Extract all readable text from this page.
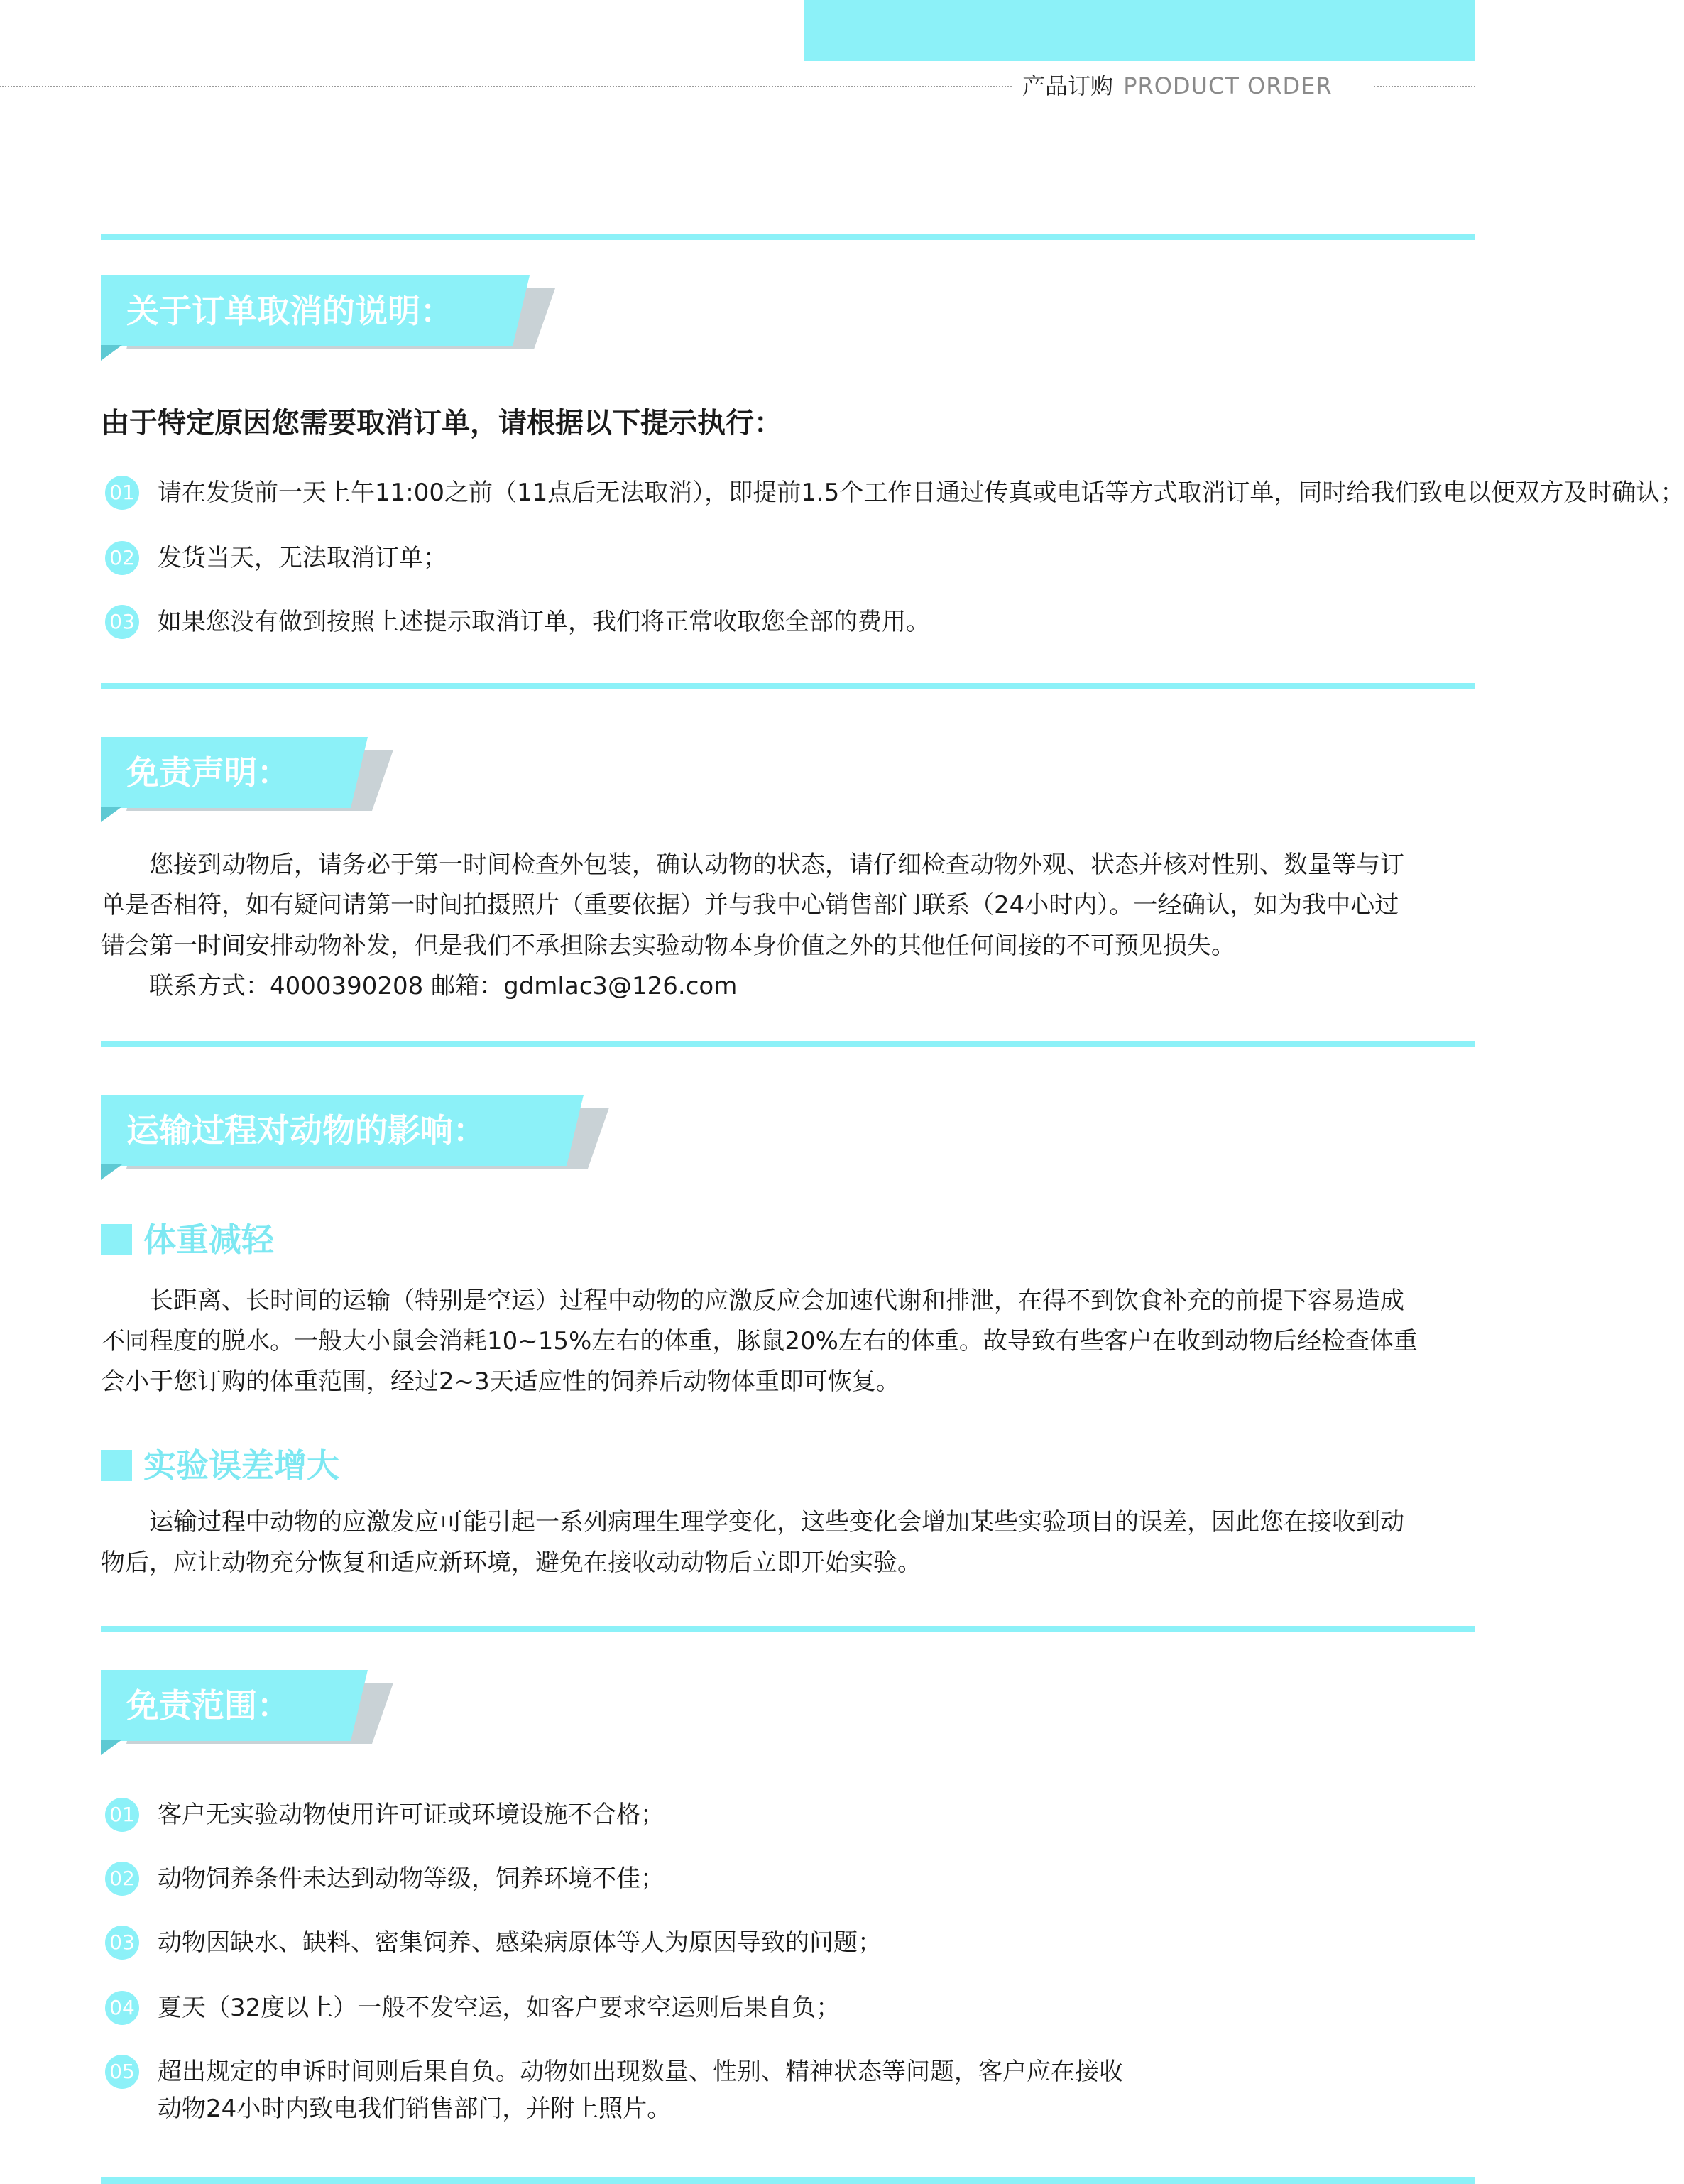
产品订购 PRODUCT ORDER
关于订单取消的说明：
由于特定原因您需要取消订单，请根据以下提示执行：
01 请在发货前一天上午11:00之前（11点后无法取消），即提前1.5个工作日通过传真或电话等方式取消订单，同时给我们致电以便双方及时确认；
02 发货当天，无法取消订单；
03 如果您没有做到按照上述提示取消订单，我们将正常收取您全部的费用。
免责声明：

您接到动物后，请务必于第一时间检查外包装，确认动物的状态，请仔细检查动物外观、状态并核对性别、数量等与订

单是否相符，如有疑问请第一时间拍摄照片（重要依据）并与我中心销售部门联系（24小时内）。一经确认，如为我中心过

错会第一时间安排动物补发，但是我们不承担除去实验动物本身价值之外的其他任何间接的不可预见损失。

联系方式：4000390208 邮箱：gdmlac3@126.com

运输过程对动物的影响：
体重减轻

长距离、长时间的运输（特别是空运）过程中动物的应激反应会加速代谢和排泄，在得不到饮食补充的前提下容易造成

不同程度的脱水。一般大小鼠会消耗10~15%左右的体重，豚鼠20%左右的体重。故导致有些客户在收到动物后经检查体重

会小于您订购的体重范围，经过2~3天适应性的饲养后动物体重即可恢复。

实验误差增大

运输过程中动物的应激发应可能引起一系列病理生理学变化，这些变化会增加某些实验项目的误差，因此您在接收到动

物后，应让动物充分恢复和适应新环境，避免在接收动动物后立即开始实验。

免责范围：
01 客户无实验动物使用许可证或环境设施不合格；
02 动物饲养条件未达到动物等级，饲养环境不佳；
03 动物因缺水、缺料、密集饲养、感染病原体等人为原因导致的问题；
04 夏天（32度以上）一般不发空运，如客户要求空运则后果自负；
05 超出规定的申诉时间则后果自负。动物如出现数量、性别、精神状态等问题，客户应在接收
动物24小时内致电我们销售部门，并附上照片。
